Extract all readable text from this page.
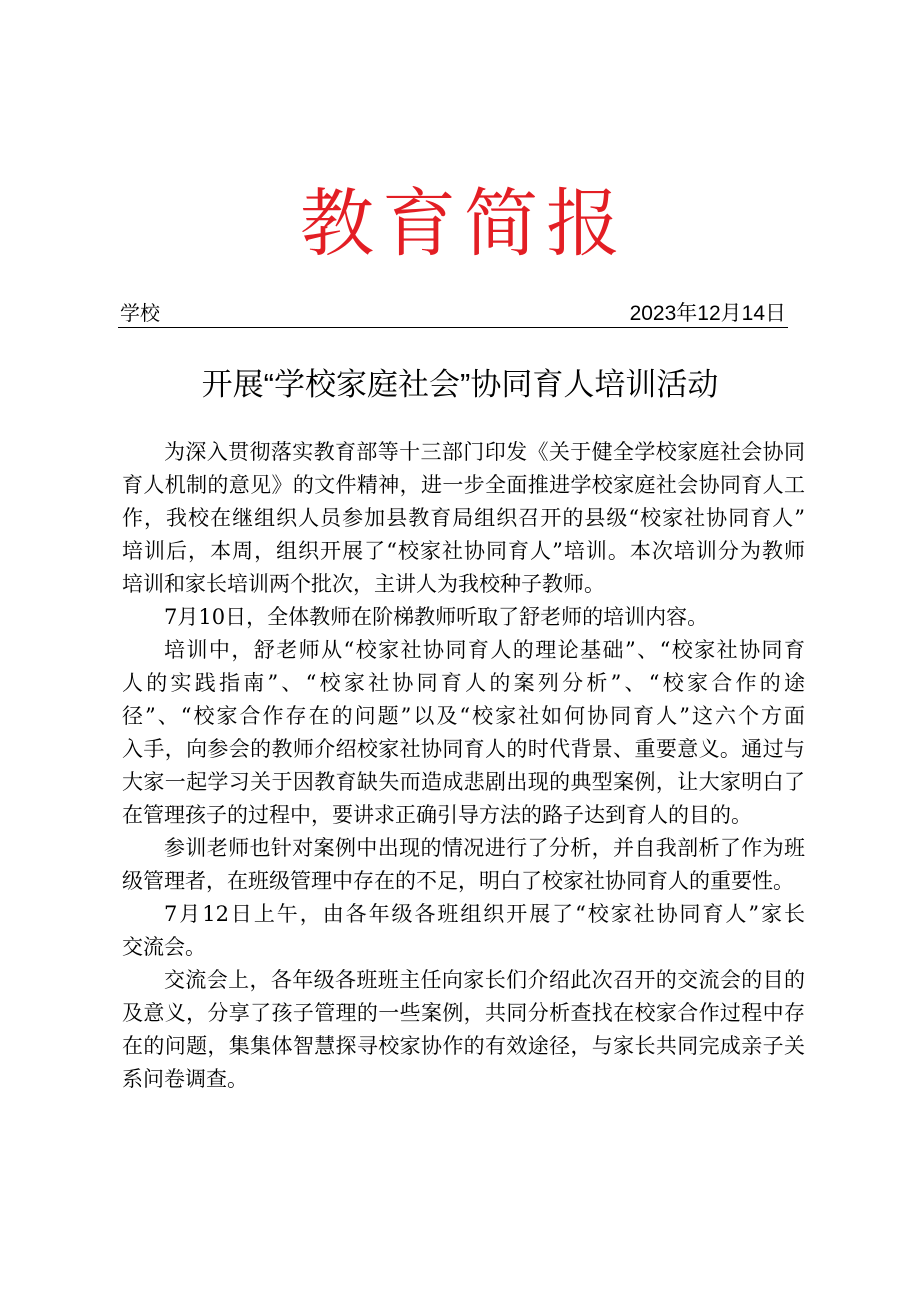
教育简报
学校	2023年12月14日
开展“学校家庭社会”协同育人培训活动
为深入贯彻落实教育部等十三部门印发《关于健全学校家庭社会协同
育人机制的意见》的文件精神，进一步全面推进学校家庭社会协同育人工
作，我校在继组织人员参加县教育局组织召开的县级“校家社协同育人”
培训后，本周，组织开展了“校家社协同育人”培训。本次培训分为教师
培训和家长培训两个批次，主讲人为我校种子教师。
7月10日，全体教师在阶梯教师听取了舒老师的培训内容。
培训中，舒老师从“校家社协同育人的理论基础”、“校家社协同育
人的实践指南”、“校家社协同育人的案列分析”、“校家合作的途
径”、“校家合作存在的问题”以及“校家社如何协同育人”这六个方面
入手，向参会的教师介绍校家社协同育人的时代背景、重要意义。通过与
大家一起学习关于因教育缺失而造成悲剧出现的典型案例，让大家明白了
在管理孩子的过程中，要讲求正确引导方法的路子达到育人的目的。
参训老师也针对案例中出现的情况进行了分析，并自我剖析了作为班
级管理者，在班级管理中存在的不足，明白了校家社协同育人的重要性。
7月12日上午，由各年级各班组织开展了“校家社协同育人”家长
交流会。
交流会上，各年级各班班主任向家长们介绍此次召开的交流会的目的
及意义，分享了孩子管理的一些案例，共同分析查找在校家合作过程中存
在的问题，集集体智慧探寻校家协作的有效途径，与家长共同完成亲子关
系问卷调查。
